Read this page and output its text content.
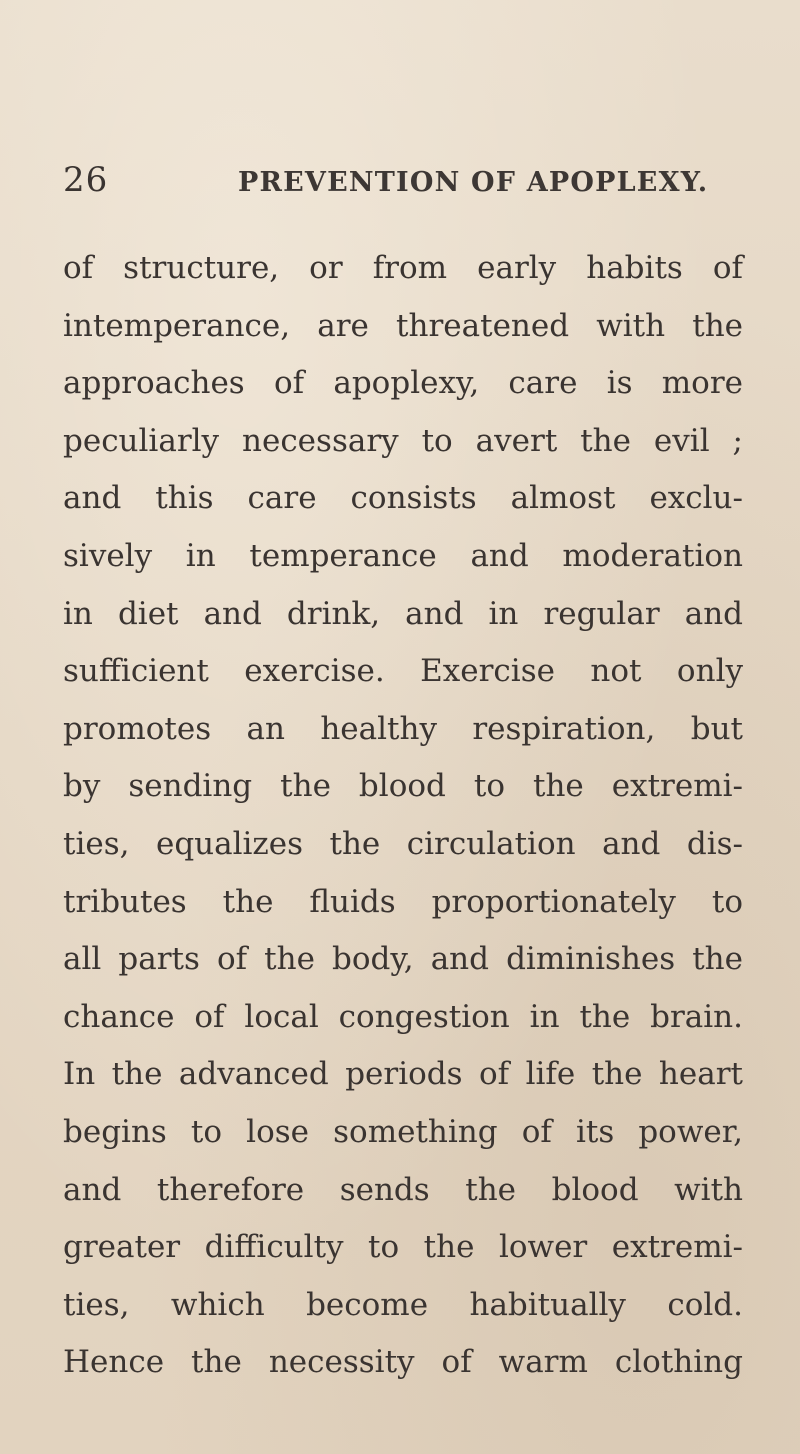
26	PREVENTION OF APOPLEXY.
of structure, or from early habits of
intemperance, are threatened with the
approaches of apoplexy, care is more
peculiarly necessary to avert the evil ;
and this care consists almost exclu-
sively in temperance and moderation
in diet and drink, and in regular and
sufficient exercise. Exercise not only
promotes an healthy respiration, but
by sending the blood to the extremi-
ties, equalizes the circulation and dis-
tributes the fluids proportionately to
all parts of the body, and diminishes the
chance of local congestion in the brain.
In the advanced periods of life the heart
begins to lose something of its power,
and therefore sends the blood with
greater difficulty to the lower extremi-
ties, which become habitually cold.
Hence the necessity of warm clothing
